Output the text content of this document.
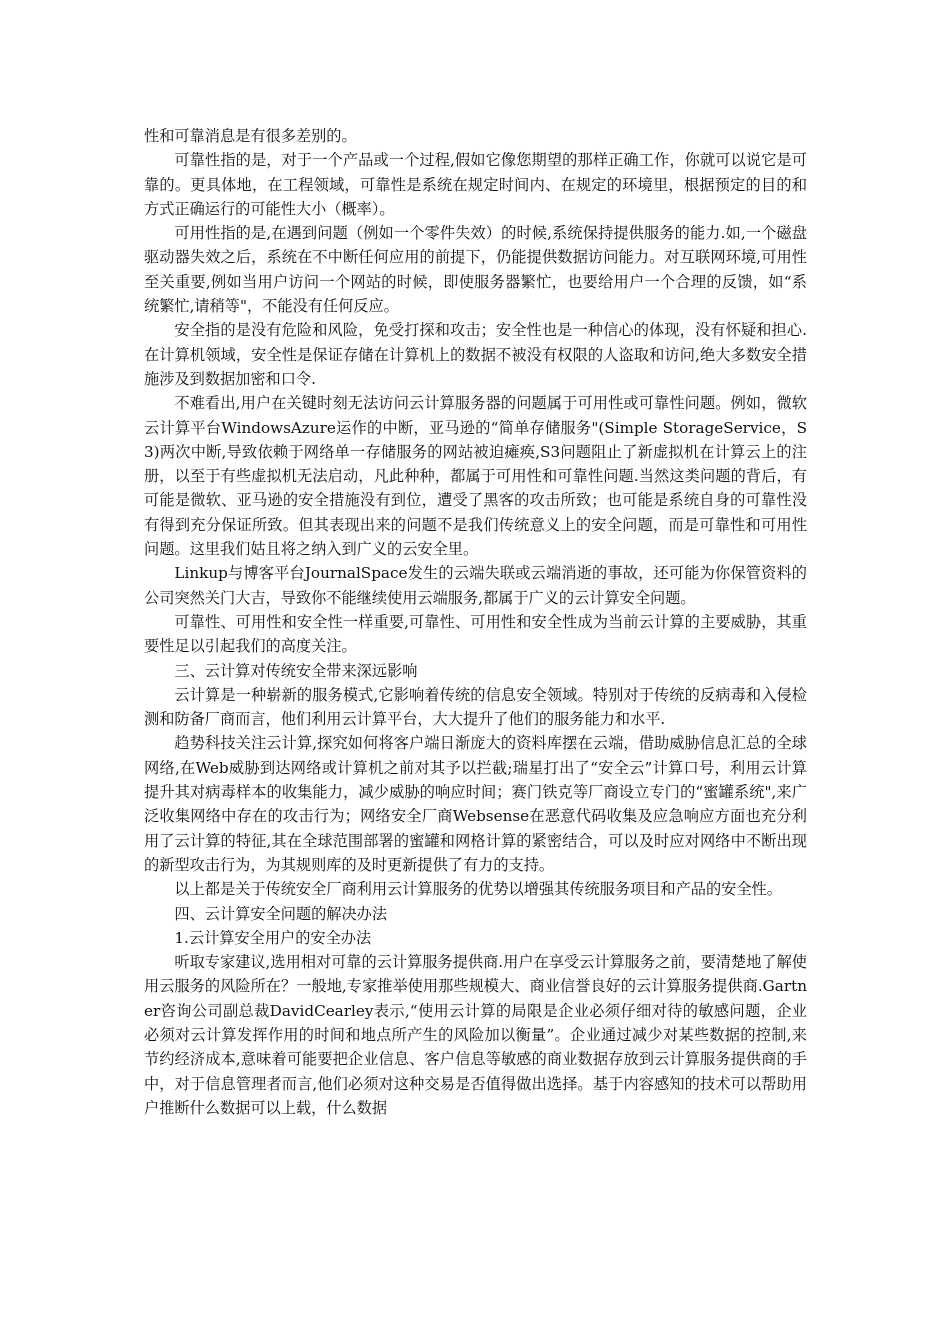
性和可靠消息是有很多差别的。

可靠性指的是，对于一个产品或一个过程,假如它像您期望的那样正确工作，你就可以说它是可靠的。更具体地，在工程领域，可靠性是系统在规定时间内、在规定的环境里，根据预定的目的和方式正确运行的可能性大小（概率）。

可用性指的是,在遇到问题（例如一个零件失效）的时候,系统保持提供服务的能力.如,一个磁盘驱动器失效之后，系统在不中断任何应用的前提下，仍能提供数据访问能力。对互联网环境,可用性至关重要,例如当用户访问一个网站的时候，即使服务器繁忙，也要给用户一个合理的反馈，如“系统繁忙,请稍等"，不能没有任何反应。

安全指的是没有危险和风险，免受打探和攻击；安全性也是一种信心的体现，没有怀疑和担心.在计算机领域，安全性是保证存储在计算机上的数据不被没有权限的人盗取和访问,绝大多数安全措施涉及到数据加密和口令.

不难看出,用户在关键时刻无法访问云计算服务器的问题属于可用性或可靠性问题。例如，微软云计算平台WindowsAzure运作的中断，亚马逊的“简单存储服务"(Simple StorageService，S3)两次中断,导致依赖于网络单一存储服务的网站被迫瘫痪,S3问题阻止了新虚拟机在计算云上的注册，以至于有些虚拟机无法启动，凡此种种，都属于可用性和可靠性问题.当然这类问题的背后，有可能是微软、亚马逊的安全措施没有到位，遭受了黑客的攻击所致；也可能是系统自身的可靠性没有得到充分保证所致。但其表现出来的问题不是我们传统意义上的安全问题，而是可靠性和可用性问题。这里我们姑且将之纳入到广义的云安全里。

Linkup与博客平台JournalSpace发生的云端失联或云端消逝的事故，还可能为你保管资料的公司突然关门大吉，导致你不能继续使用云端服务,都属于广义的云计算安全问题。

可靠性、可用性和安全性一样重要,可靠性、可用性和安全性成为当前云计算的主要威胁，其重要性足以引起我们的高度关注。

三、云计算对传统安全带来深远影响

云计算是一种崭新的服务模式,它影响着传统的信息安全领域。特别对于传统的反病毒和入侵检测和防备厂商而言，他们利用云计算平台，大大提升了他们的服务能力和水平.

趋势科技关注云计算,探究如何将客户端日渐庞大的资料库摆在云端，借助威胁信息汇总的全球网络,在Web威胁到达网络或计算机之前对其予以拦截;瑞星打出了“安全云”计算口号，利用云计算提升其对病毒样本的收集能力，减少威胁的响应时间；赛门铁克等厂商设立专门的“蜜罐系统",来广泛收集网络中存在的攻击行为；网络安全厂商Websense在恶意代码收集及应急响应方面也充分利用了云计算的特征,其在全球范围部署的蜜罐和网格计算的紧密结合，可以及时应对网络中不断出现的新型攻击行为，为其规则库的及时更新提供了有力的支持。

以上都是关于传统安全厂商利用云计算服务的优势以增强其传统服务项目和产品的安全性。

四、云计算安全问题的解决办法

1.云计算安全用户的安全办法

听取专家建议,选用相对可靠的云计算服务提供商.用户在享受云计算服务之前，要清楚地了解使用云服务的风险所在？一般地,专家推举使用那些规模大、商业信誉良好的云计算服务提供商.Gartner咨询公司副总裁DavidCearley表示,“使用云计算的局限是企业必须仔细对待的敏感问题，企业必须对云计算发挥作用的时间和地点所产生的风险加以衡量”。企业通过减少对某些数据的控制,来节约经济成本,意味着可能要把企业信息、客户信息等敏感的商业数据存放到云计算服务提供商的手中，对于信息管理者而言,他们必须对这种交易是否值得做出选择。基于内容感知的技术可以帮助用户推断什么数据可以上载，什么数据
